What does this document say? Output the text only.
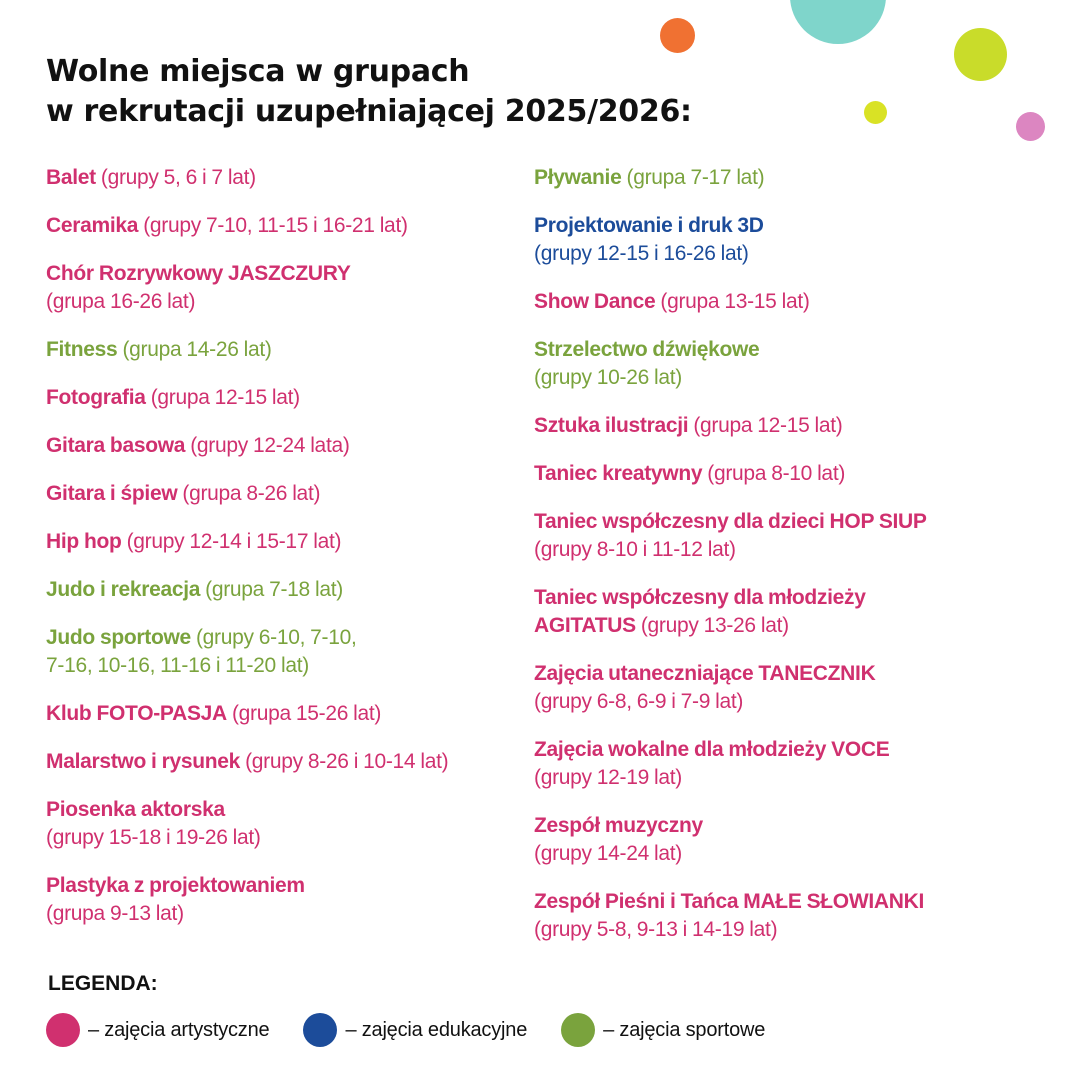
Wolne miejsca w grupach
w rekrutacji uzupełniającej 2025/2026:

Balet (grupy 5, 6 i 7 lat)

Ceramika (grupy 7-10, 11-15 i 16-21 lat)

Chór Rozrywkowy JASZCZURY
(grupa 16-26 lat)

Fitness (grupa 14-26 lat)

Fotografia (grupa 12-15 lat)

Gitara basowa (grupy 12-24 lata)

Gitara i śpiew (grupa 8-26 lat)

Hip hop (grupy 12-14 i 15-17 lat)

Judo i rekreacja (grupa 7-18 lat)

Judo sportowe (grupy 6-10, 7-10,
7-16, 10-16, 11-16 i 11-20 lat)

Klub FOTO-PASJA (grupa 15-26 lat)

Malarstwo i rysunek (grupy 8-26 i 10-14 lat)

Piosenka aktorska
(grupy 15-18 i 19-26 lat)

Plastyka z projektowaniem
(grupa 9-13 lat)

Pływanie (grupa 7-17 lat)

Projektowanie i druk 3D
(grupy 12-15 i 16-26 lat)

Show Dance (grupa 13-15 lat)

Strzelectwo dźwiękowe
(grupy 10-26 lat)

Sztuka ilustracji (grupa 12-15 lat)

Taniec kreatywny (grupa 8-10 lat)

Taniec współczesny dla dzieci HOP SIUP
(grupy 8-10 i 11-12 lat)

Taniec współczesny dla młodzieży
AGITATUS (grupy 13-26 lat)

Zajęcia utaneczniające TANECZNIK
(grupy 6-8, 6-9 i 7-9 lat)

Zajęcia wokalne dla młodzieży VOCE
(grupy 12-19 lat)

Zespół muzyczny
(grupy 14-24 lat)

Zespół Pieśni i Tańca MAŁE SŁOWIANKI
(grupy 5-8, 9-13 i 14-19 lat)

LEGENDA:

– zajęcia artystyczne	– zajęcia edukacyjne	– zajęcia sportowe
